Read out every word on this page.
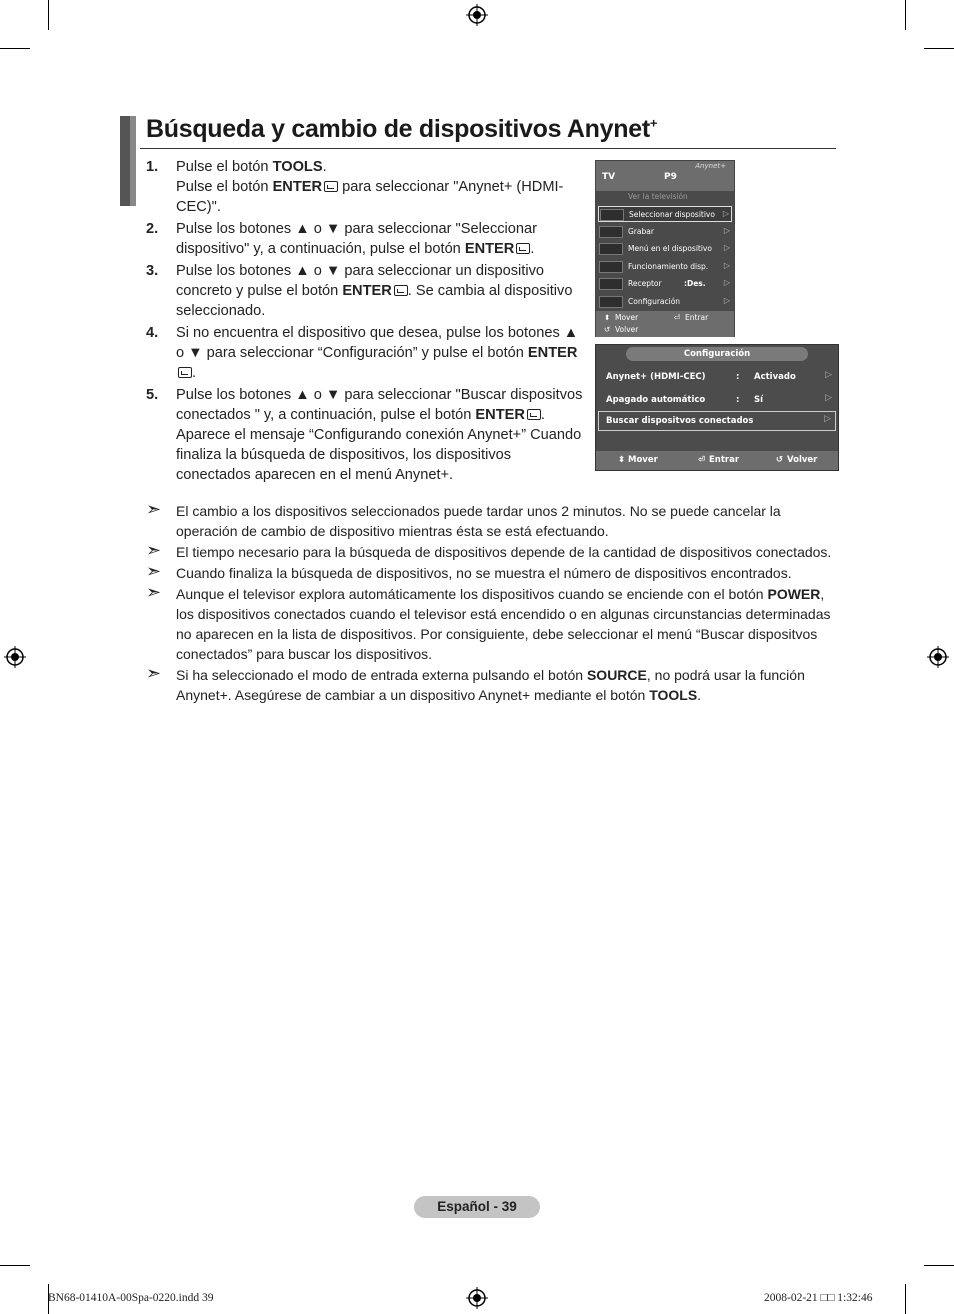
Búsqueda y cambio de dispositivos Anynet+
1. Pulse el botón TOOLS.
Pulse el botón ENTER para seleccionar "Anynet+ (HDMI-CEC)".

2. Pulse los botones ▲ o ▼ para seleccionar "Seleccionar dispositivo" y, a continuación, pulse el botón ENTER .

3. Pulse los botones ▲ o ▼ para seleccionar un dispositivo concreto y pulse el botón ENTER . Se cambia al dispositivo seleccionado.

4. Si no encuentra el dispositivo que desea, pulse los botones ▲ o ▼ para seleccionar “Configuración” y pulse el botón ENTER.

5. Pulse los botones ▲ o ▼ para seleccionar "Buscar dispositvos conectados " y, a continuación, pulse el botón ENTER .
Aparece el mensaje “Configurando conexión Anynet+” Cuando finaliza la búsqueda de dispositivos, los dispositivos conectados aparecen en el menú Anynet+.

➣ El cambio a los dispositivos seleccionados puede tardar unos 2 minutos. No se puede cancelar la operación de cambio de dispositivo mientras ésta se está efectuando.

➣ El tiempo necesario para la búsqueda de dispositivos depende de la cantidad de dispositivos conectados.

➣ Cuando finaliza la búsqueda de dispositivos, no se muestra el número de dispositivos encontrados.

➣ Aunque el televisor explora automáticamente los dispositivos cuando se enciende con el botón POWER, los dispositivos conectados cuando el televisor está encendido o en algunas circunstancias determinadas no aparecen en la lista de dispositivos. Por consiguiente, debe seleccionar el menú “Buscar dispositvos conectados” para buscar los dispositivos.

➣ Si ha seleccionado el modo de entrada externa pulsando el botón SOURCE, no podrá usar la función Anynet+. Asegúrese de cambiar a un dispositivo Anynet+ mediante el botón TOOLS.

Anynet+
TV	P9
Ver la televisión
Seleccionar dispositivo ▷
Grabar	▷
Menú en el dispositivo ▷
Funcionamiento disp. ▷
Receptor	:Des. ▷
Configuración	▷
⬍ Mover	⏎ Entrar
↺ Volver
Configuración
⬍ Mover	⏎ Entrar	↺ Volver
Anynet+ (HDMI-CEC)	: Activado	▷
Apagado automático	: Sí	▷
Buscar dispositvos conectados	▷
Español - 39
BN68-01410A-00Spa-0220.indd 39	2008-02-21 □□ 1:32:46
